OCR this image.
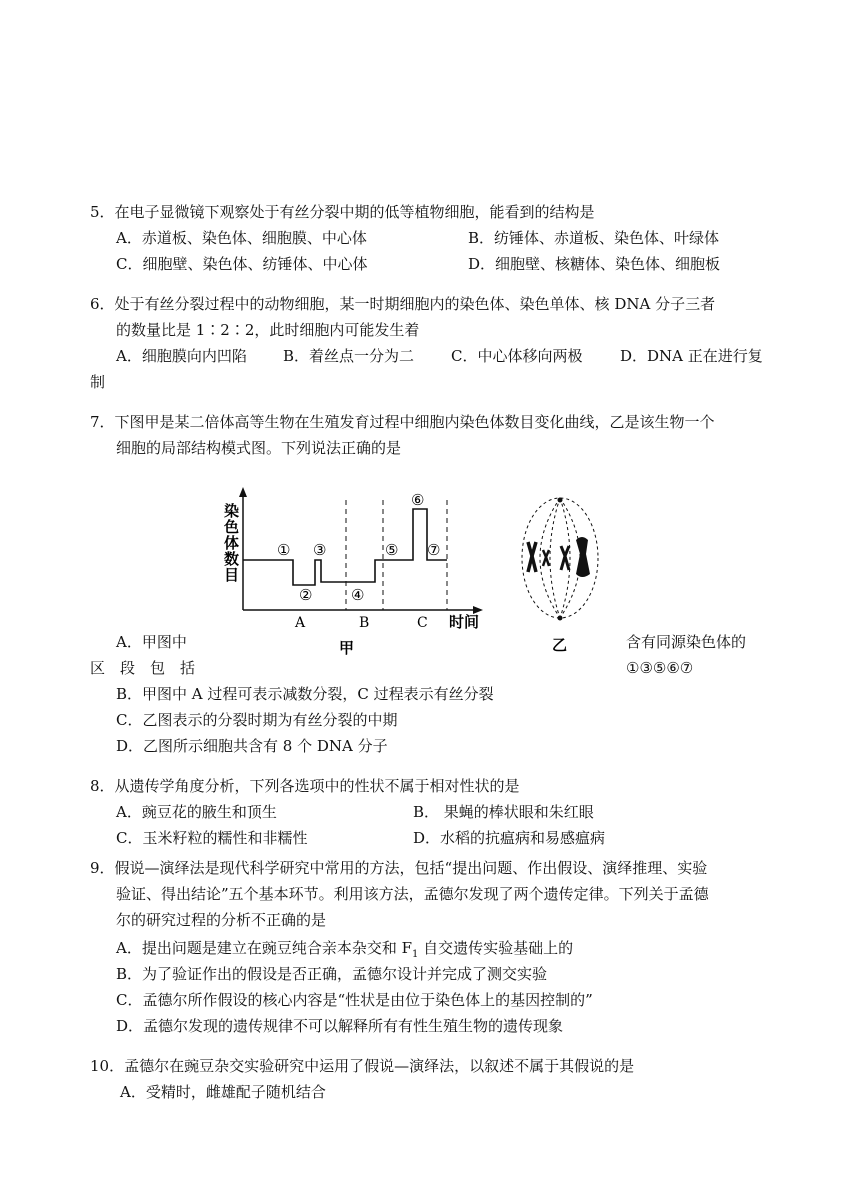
5．在电子显微镜下观察处于有丝分裂中期的低等植物细胞，能看到的结构是
A．赤道板、染色体、细胞膜、中心体	B．纺锤体、赤道板、染色体、叶绿体
C．细胞壁、染色体、纺锤体、中心体	D．细胞壁、核糖体、染色体、细胞板
6．处于有丝分裂过程中的动物细胞，某一时期细胞内的染色体、染色单体、核 DNA 分子三者
的数量比是 1∶2∶2，此时细胞内可能发生着
A．细胞膜向内凹陷 B．着丝点一分为二 C．中心体移向两极	D．DNA 正在进行复
制
7．下图甲是某二倍体高等生物在生殖发育过程中细胞内染色体数目变化曲线，乙是该生物一个
细胞的局部结构模式图。下列说法正确的是
染色体数目 ①
②
③
④
⑤
⑥
⑦
A	B	C 时间
甲	乙
A．甲图中	含有同源染色体的
区　段　包　括	①③⑤⑥⑦
B．甲图中 A 过程可表示减数分裂，C 过程表示有丝分裂
C．乙图表示的分裂时期为有丝分裂的中期
D．乙图所示细胞共含有 8 个 DNA 分子
8．从遗传学角度分析，下列各选项中的性状不属于相对性状的是
A．豌豆花的腋生和顶生	B． 果蝇的棒状眼和朱红眼
C．玉米籽粒的糯性和非糯性	D．水稻的抗瘟病和易感瘟病
9．假说—演绎法是现代科学研究中常用的方法，包括“提出问题、作出假设、演绎推理、实验
验证、得出结论”五个基本环节。利用该方法，孟德尔发现了两个遗传定律。下列关于孟德
尔的研究过程的分析不正确的是
A．提出问题是建立在豌豆纯合亲本杂交和 $F_1$ 自交遗传实验基础上的
B．为了验证作出的假设是否正确，孟德尔设计并完成了测交实验
C．孟德尔所作假设的核心内容是“性状是由位于染色体上的基因控制的”
D．孟德尔发现的遗传规律不可以解释所有有性生殖生物的遗传现象
10．孟德尔在豌豆杂交实验研究中运用了假说—演绎法，以叙述不属于其假说的是
A．受精时，雌雄配子随机结合
